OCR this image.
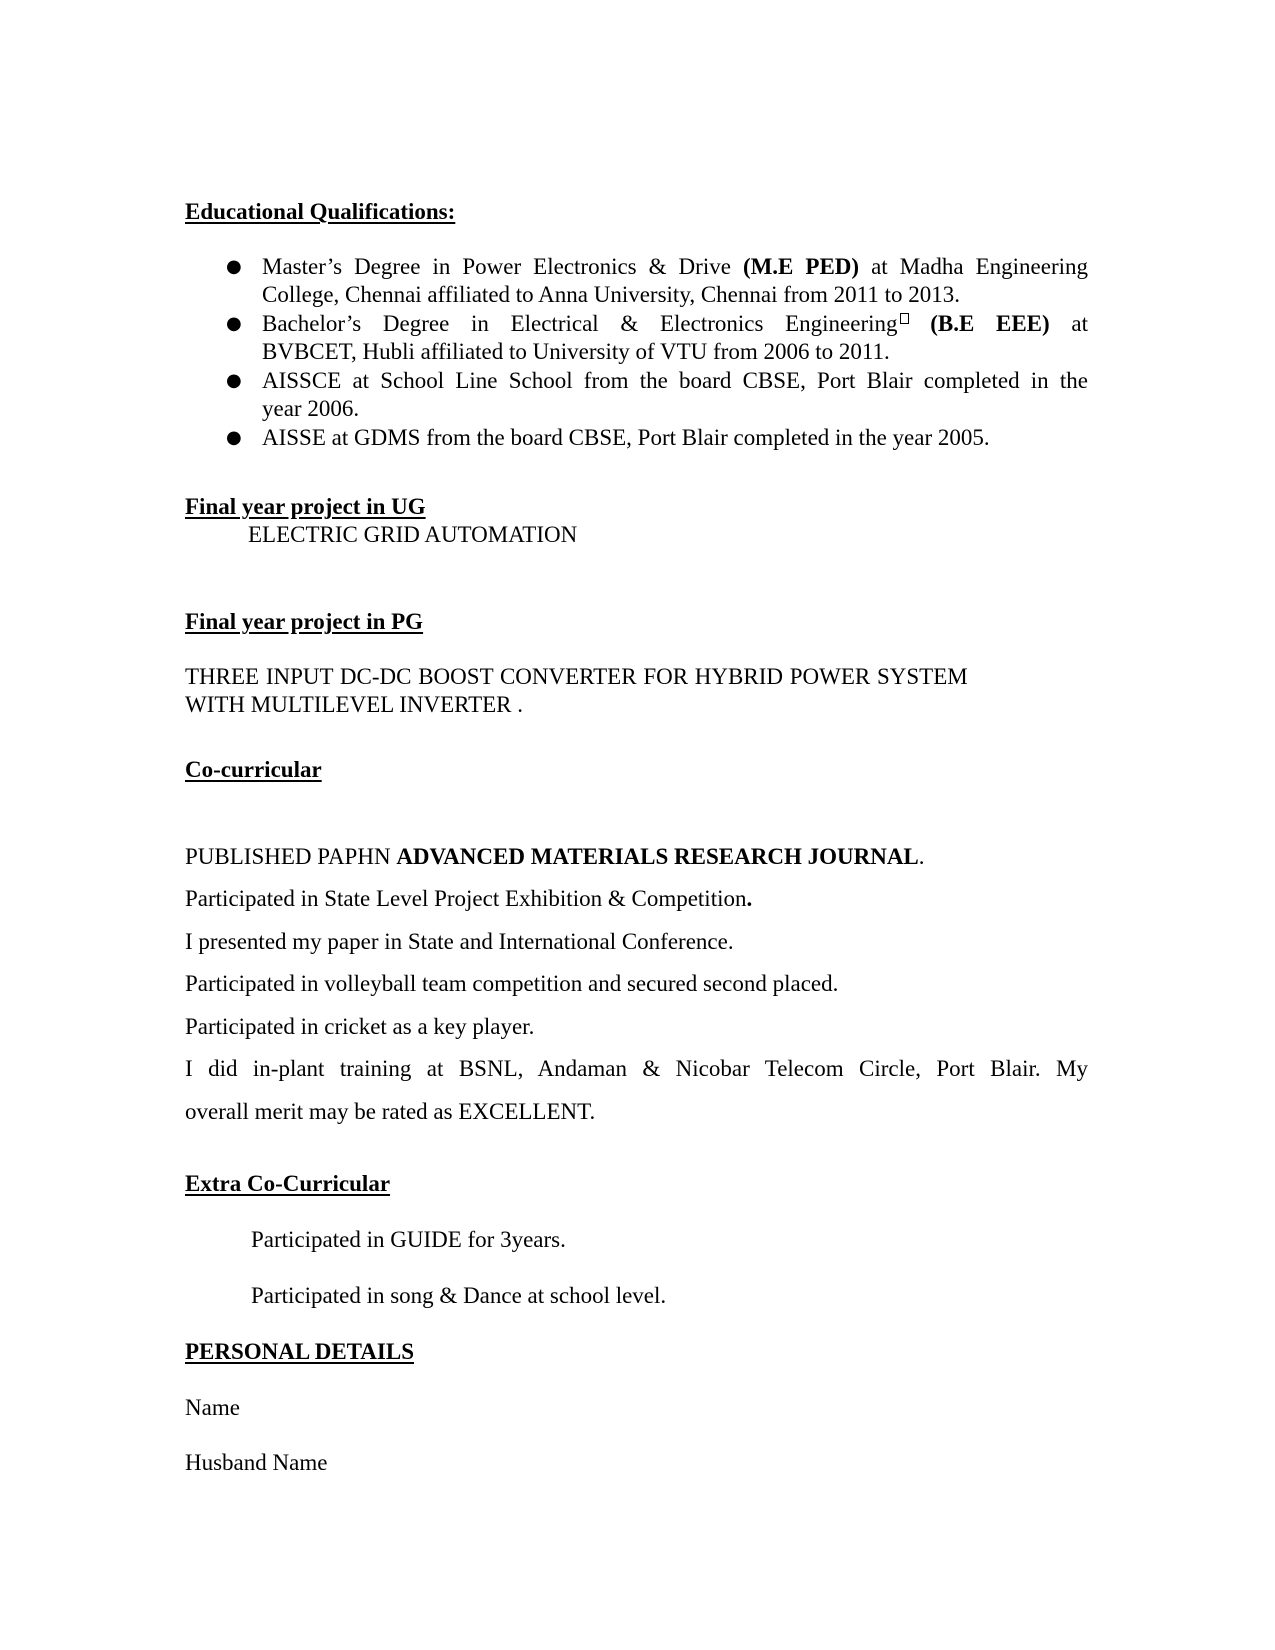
Educational Qualifications:
● Master’s Degree in Power Electronics & Drive (M.E PED) at Madha Engineering
College, Chennai affiliated to Anna University, Chennai from 2011 to 2013.
● Bachelor’s Degree in Electrical & Electronics Engineering (B.E EEE) at
BVBCET, Hubli affiliated to University of VTU from 2006 to 2011.
● AISSCE at School Line School from the board CBSE, Port Blair completed in the
year 2006.
● AISSE at GDMS from the board CBSE, Port Blair completed in the year 2005.
Final year project in UG
ELECTRIC GRID AUTOMATION
Final year project in PG
THREE INPUT DC-DC BOOST CONVERTER FOR HYBRID POWER SYSTEM
WITH MULTILEVEL INVERTER .
Co-curricular
PUBLISHED PAPHN ADVANCED MATERIALS RESEARCH JOURNAL.
Participated in State Level Project Exhibition & Competition.
I presented my paper in State and International Conference.
Participated in volleyball team competition and secured second placed.
Participated in cricket as a key player.
I did in-plant training at BSNL, Andaman & Nicobar Telecom Circle, Port Blair. My
overall merit may be rated as EXCELLENT.
Extra Co-Curricular
Participated in GUIDE for 3years.
Participated in song & Dance at school level.
PERSONAL DETAILS
Name
Husband Name
